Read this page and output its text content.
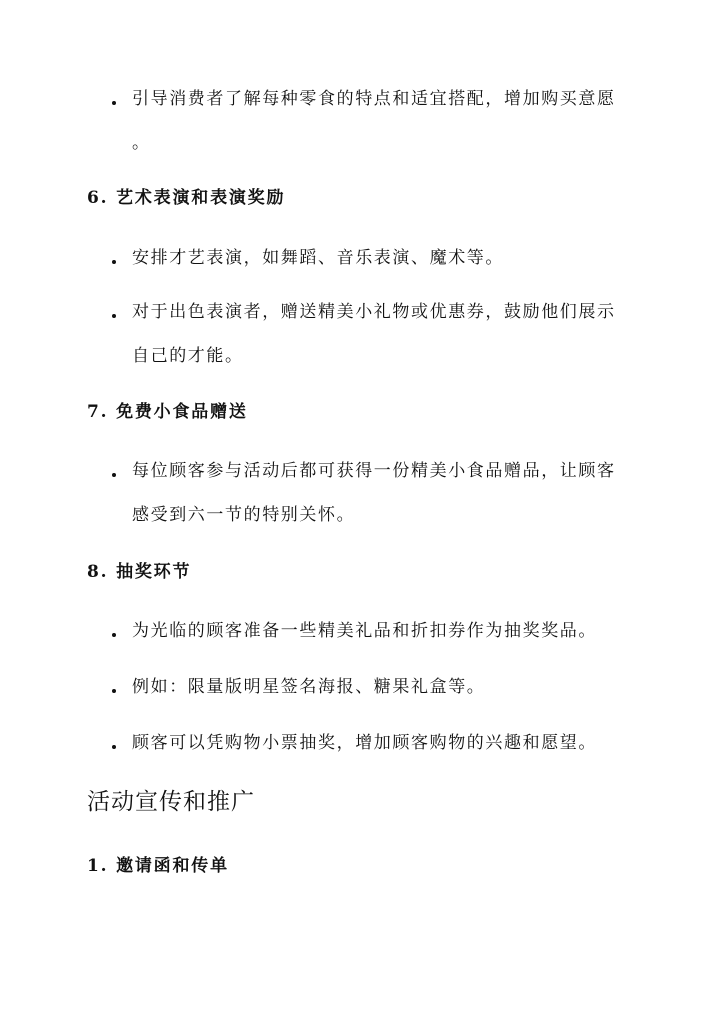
引导消费者了解每种零食的特点和适宜搭配，增加购买意愿
。
6. 艺术表演和表演奖励
安排才艺表演，如舞蹈、音乐表演、魔术等。
对于出色表演者，赠送精美小礼物或优惠券，鼓励他们展示
自己的才能。
7. 免费小食品赠送
每位顾客参与活动后都可获得一份精美小食品赠品，让顾客
感受到六一节的特别关怀。
8. 抽奖环节
为光临的顾客准备一些精美礼品和折扣券作为抽奖奖品。
例如：限量版明星签名海报、糖果礼盒等。
顾客可以凭购物小票抽奖，增加顾客购物的兴趣和愿望。
活动宣传和推广
1. 邀请函和传单
